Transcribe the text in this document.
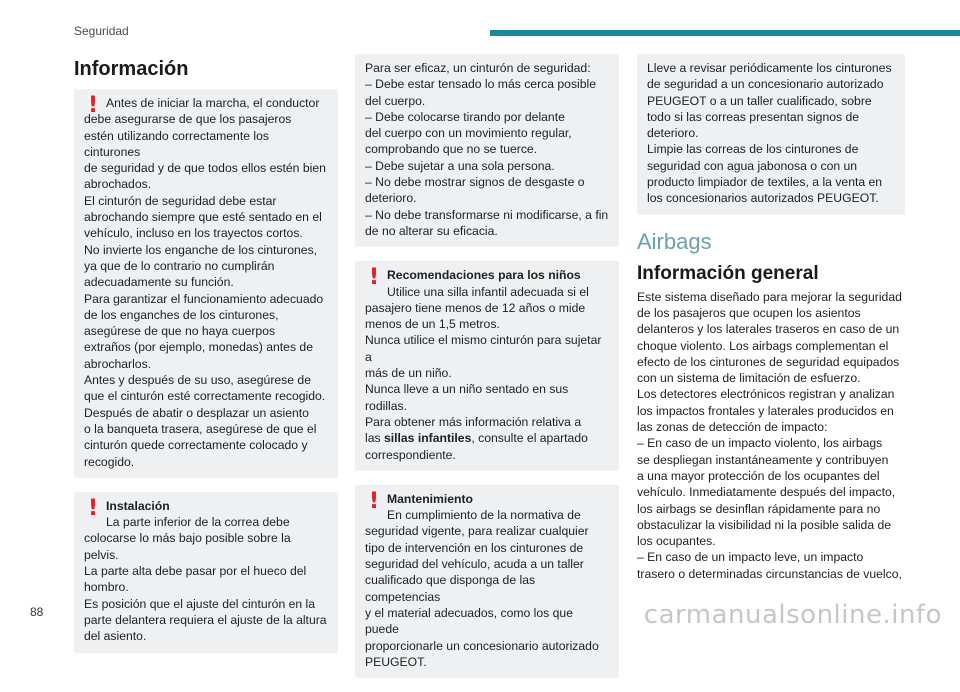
Seguridad
Información
! Antes de iniciar la marcha, el conductor
debe asegurarse de que los pasajeros
estén utilizando correctamente los cinturones
de seguridad y de que todos ellos estén bien
abrochados.
El cinturón de seguridad debe estar
abrochando siempre que esté sentado en el
vehículo, incluso en los trayectos cortos.
No invierte los enganche de los cinturones,
ya que de lo contrario no cumplirán
adecuadamente su función.
Para garantizar el funcionamiento adecuado
de los enganches de los cinturones,
asegúrese de que no haya cuerpos
extraños (por ejemplo, monedas) antes de
abrocharlos.
Antes y después de su uso, asegúrese de
que el cinturón esté correctamente recogido.
Después de abatir o desplazar un asiento
o la banqueta trasera, asegúrese de que el
cinturón quede correctamente colocado y
recogido.
! Instalación
La parte inferior de la correa debe
colocarse lo más bajo posible sobre la pelvis.
La parte alta debe pasar por el hueco del
hombro.
Es posición que el ajuste del cinturón en la
parte delantera requiera el ajuste de la altura
del asiento.
Para ser eficaz, un cinturón de seguridad:
– Debe estar tensado lo más cerca posible
del cuerpo.
– Debe colocarse tirando por delante
del cuerpo con un movimiento regular,
comprobando que no se tuerce.
– Debe sujetar a una sola persona.
– No debe mostrar signos de desgaste o
deterioro.
– No debe transformarse ni modificarse, a fin
de no alterar su eficacia.
! Recomendaciones para los niños
Utilice una silla infantil adecuada si el
pasajero tiene menos de 12 años o mide
menos de un 1,5 metros.
Nunca utilice el mismo cinturón para sujetar a
más de un niño.
Nunca lleve a un niño sentado en sus rodillas.
Para obtener más información relativa a
las sillas infantiles, consulte el apartado
correspondiente.
! Mantenimiento
En cumplimiento de la normativa de
seguridad vigente, para realizar cualquier
tipo de intervención en los cinturones de
seguridad del vehículo, acuda a un taller
cualificado que disponga de las competencias
y el material adecuados, como los que puede
proporcionarle un concesionario autorizado
PEUGEOT.
Lleve a revisar periódicamente los cinturones
de seguridad a un concesionario autorizado
PEUGEOT o a un taller cualificado, sobre
todo si las correas presentan signos de
deterioro.
Limpie las correas de los cinturones de
seguridad con agua jabonosa o con un
producto limpiador de textiles, a la venta en
los concesionarios autorizados PEUGEOT.
Airbags
Información general
Este sistema diseñado para mejorar la seguridad
de los pasajeros que ocupen los asientos
delanteros y los laterales traseros en caso de un
choque violento. Los airbags complementan el
efecto de los cinturones de seguridad equipados
con un sistema de limitación de esfuerzo.
Los detectores electrónicos registran y analizan
los impactos frontales y laterales producidos en
las zonas de detección de impacto:
– En caso de un impacto violento, los airbags
se despliegan instantáneamente y contribuyen
a una mayor protección de los ocupantes del
vehículo. Inmediatamente después del impacto,
los airbags se desinflan rápidamente para no
obstaculizar la visibilidad ni la posible salida de
los ocupantes.
– En caso de un impacto leve, un impacto
trasero o determinadas circunstancias de vuelco,
88	carmanualsonline.info
